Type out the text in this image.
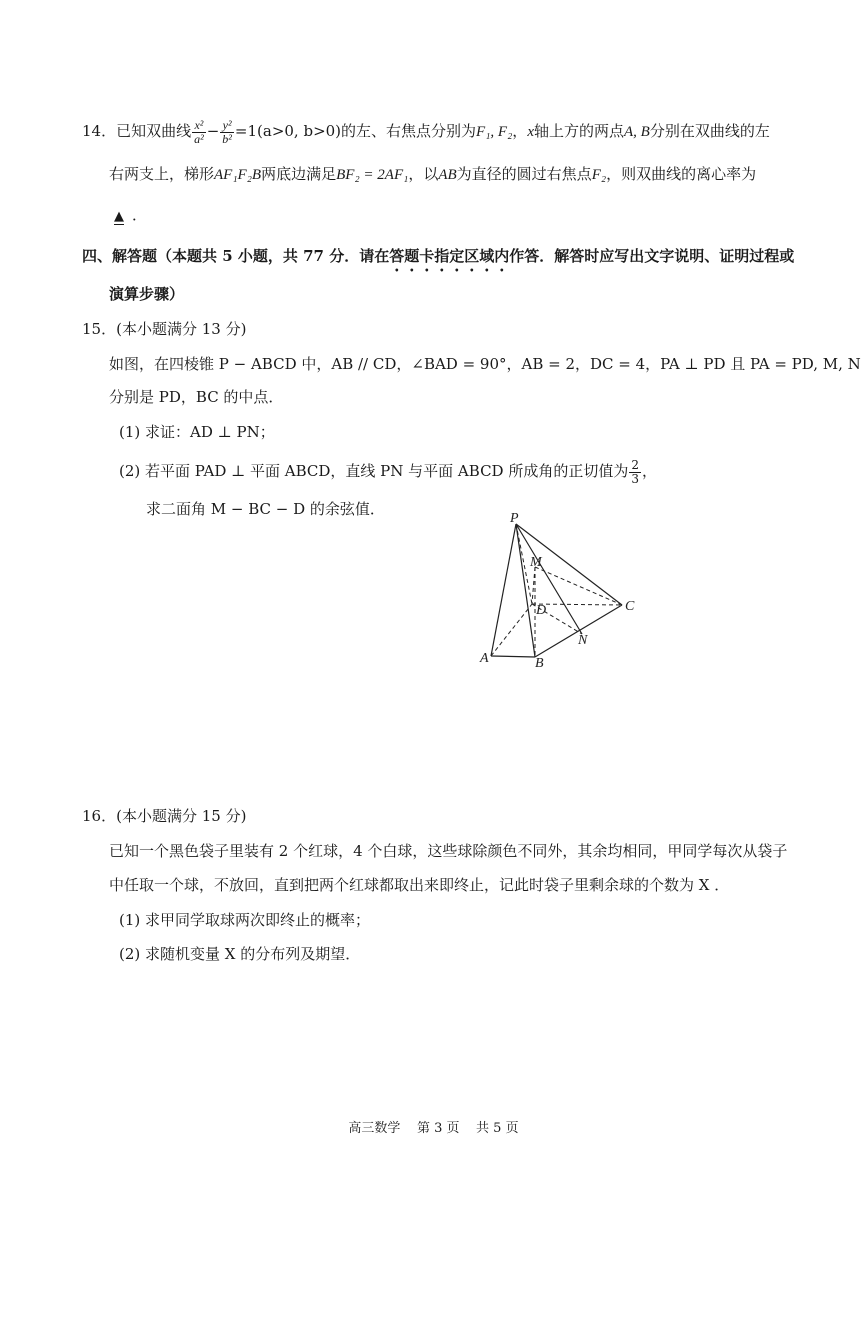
14．已知双曲线 $\frac{\text{x²}}{\text{a²}} - \frac{\text{y²}}{\text{b²}} =1(a>0$, b>0)的左、右焦点分别为F₁, F₂，x轴上方的两点A, B分别在双曲线的左
右两支上，梯形AF₁F₂B两底边满足BF₂ = 2AF₁，以AB为直径的圆过右焦点F₂，则双曲线的离心率为
▲ ．
四、解答题（本题共 5 小题，共 77 分．请在答题卡指定区域内作答．解答时应写出文字说明、证明过程或
演算步骤）
15．(本小题满分 13 分)
如图，在四棱锥 P − ABCD 中，AB // CD，∠BAD = 90°，AB = 2，DC = 4，PA ⊥ PD 且 PA = PD, M, N
分别是 PD，BC 的中点．
(1) 求证：AD ⊥ PN；
(2) 若平面 PAD ⊥ 平面 ABCD，直线 PN 与平面 ABCD 所成角的正切值为 $\frac{2}{3}$ ，
求二面角 M − BC − D 的余弦值．
P
M
D	C
N
A	B
16．(本小题满分 15 分)
已知一个黑色袋子里装有 2 个红球，4 个白球，这些球除颜色不同外，其余均相同，甲同学每次从袋子
中任取一个球，不放回，直到把两个红球都取出来即终止，记此时袋子里剩余球的个数为 X ．
(1) 求甲同学取球两次即终止的概率；
(2) 求随机变量 X 的分布列及期望．
高三数学 第 3 页 共 5 页
